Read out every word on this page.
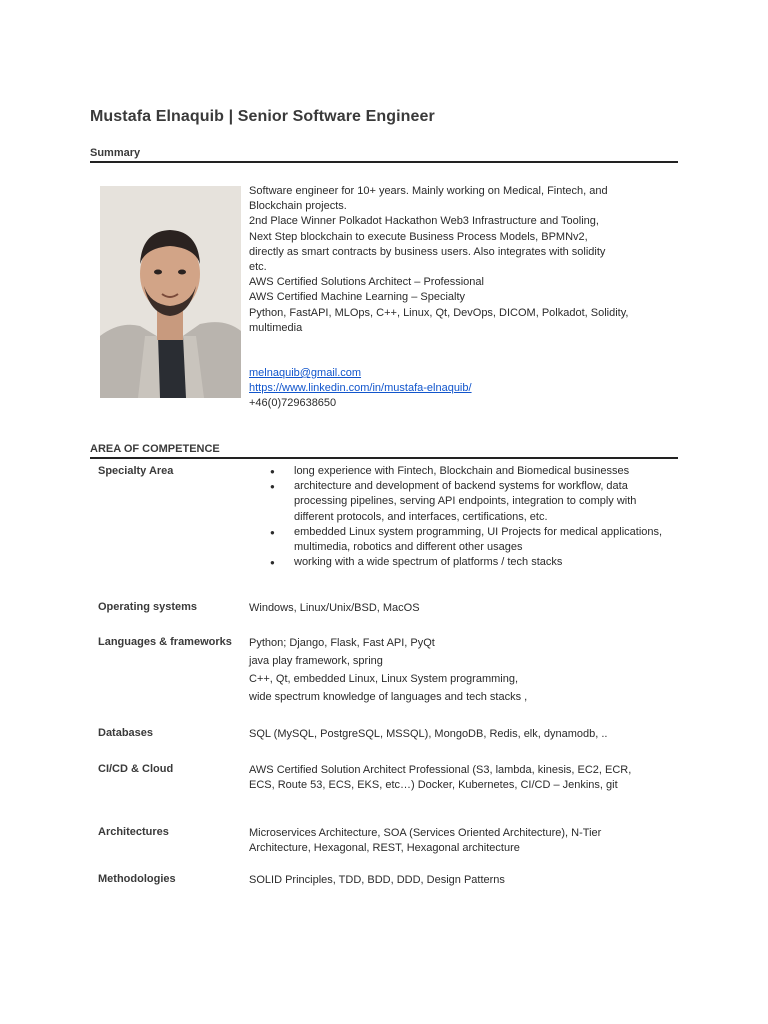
Mustafa Elnaquib | Senior Software Engineer
Summary
Software engineer for 10+ years. Mainly working on Medical, Fintech, and
Blockchain projects.
2nd Place Winner Polkadot Hackathon Web3 Infrastructure and Tooling,
Next Step blockchain to execute Business Process Models, BPMNv2,
directly as smart contracts by business users. Also integrates with solidity
etc.
AWS Certified Solutions Architect – Professional
AWS Certified Machine Learning – Specialty
Python, FastAPI, MLOps, C++, Linux, Qt, DevOps, DICOM, Polkadot, Solidity,
multimedia
melnaquib@gmail.com
https://www.linkedin.com/in/mustafa-elnaquib/
+46(0)729638650
AREA OF COMPETENCE
Specialty Area
●	long experience with Fintech, Blockchain and Biomedical businesses
● architecture and development of backend systems for workflow, data processing pipelines, serving API endpoints, integration to comply with different protocols, and interfaces, certifications, etc.
● embedded Linux system programming, UI Projects for medical applications, multimedia, robotics and different other usages
● working with a wide spectrum of platforms / tech stacks
Operating systems	Windows, Linux/Unix/BSD, MacOS
Languages & frameworks	Python; Django, Flask, Fast API, PyQt
java play framework, spring
C++, Qt, embedded Linux, Linux System programming,
wide spectrum knowledge of languages and tech stacks ,
Databases	SQL (MySQL, PostgreSQL, MSSQL), MongoDB, Redis, elk, dynamodb, ..
CI/CD & Cloud	AWS Certified Solution Architect Professional (S3, lambda, kinesis, EC2, ECR,
ECS, Route 53, ECS, EKS, etc…) Docker, Kubernetes, CI/CD – Jenkins, git
Architectures	Microservices Architecture, SOA (Services Oriented Architecture), N-Tier
Architecture, Hexagonal, REST, Hexagonal architecture
Methodologies	SOLID Principles, TDD, BDD, DDD, Design Patterns
